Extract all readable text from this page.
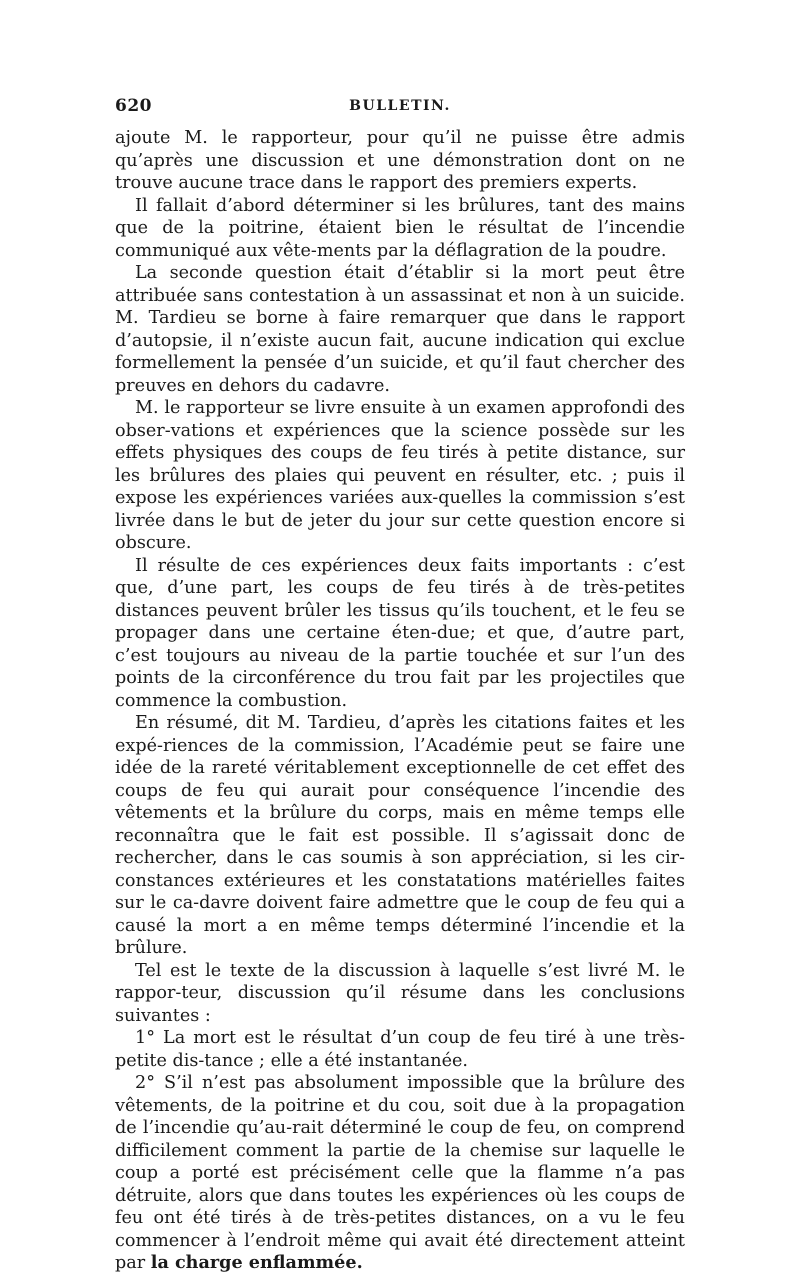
620	BULLETIN.

ajoute M. le rapporteur, pour qu’il ne puisse être admis qu’après une discussion et une démonstration dont on ne trouve aucune trace dans le rapport des premiers experts.

Il fallait d’abord déterminer si les brûlures, tant des mains que de la poitrine, étaient bien le résultat de l’incendie communiqué aux vête-ments par la déflagration de la poudre.

La seconde question était d’établir si la mort peut être attribuée sans contestation à un assassinat et non à un suicide. M. Tardieu se borne à faire remarquer que dans le rapport d’autopsie, il n’existe aucun fait, aucune indication qui exclue formellement la pensée d’un suicide, et qu’il faut chercher des preuves en dehors du cadavre.

M. le rapporteur se livre ensuite à un examen approfondi des obser-vations et expériences que la science possède sur les effets physiques des coups de feu tirés à petite distance, sur les brûlures des plaies qui peuvent en résulter, etc. ; puis il expose les expériences variées aux-quelles la commission s’est livrée dans le but de jeter du jour sur cette question encore si obscure.

Il résulte de ces expériences deux faits importants : c’est que, d’une part, les coups de feu tirés à de très-petites distances peuvent brûler les tissus qu’ils touchent, et le feu se propager dans une certaine éten-due; et que, d’autre part, c’est toujours au niveau de la partie touchée et sur l’un des points de la circonférence du trou fait par les projectiles que commence la combustion.

En résumé, dit M. Tardieu, d’après les citations faites et les expé-riences de la commission, l’Académie peut se faire une idée de la rareté véritablement exceptionnelle de cet effet des coups de feu qui aurait pour conséquence l’incendie des vêtements et la brûlure du corps, mais en même temps elle reconnaîtra que le fait est possible. Il s’agissait donc de rechercher, dans le cas soumis à son appréciation, si les cir-constances extérieures et les constatations matérielles faites sur le ca-davre doivent faire admettre que le coup de feu qui a causé la mort a en même temps déterminé l’incendie et la brûlure.

Tel est le texte de la discussion à laquelle s’est livré M. le rappor-teur, discussion qu’il résume dans les conclusions suivantes :

1° La mort est le résultat d’un coup de feu tiré à une très-petite dis-tance ; elle a été instantanée.

2° S’il n’est pas absolument impossible que la brûlure des vêtements, de la poitrine et du cou, soit due à la propagation de l’incendie qu’au-rait déterminé le coup de feu, on comprend difficilement comment la partie de la chemise sur laquelle le coup a porté est précisément celle que la flamme n’a pas détruite, alors que dans toutes les expériences où les coups de feu ont été tirés à de très-petites distances, on a vu le feu commencer à l’endroit même qui avait été directement atteint par la charge enflammée.
